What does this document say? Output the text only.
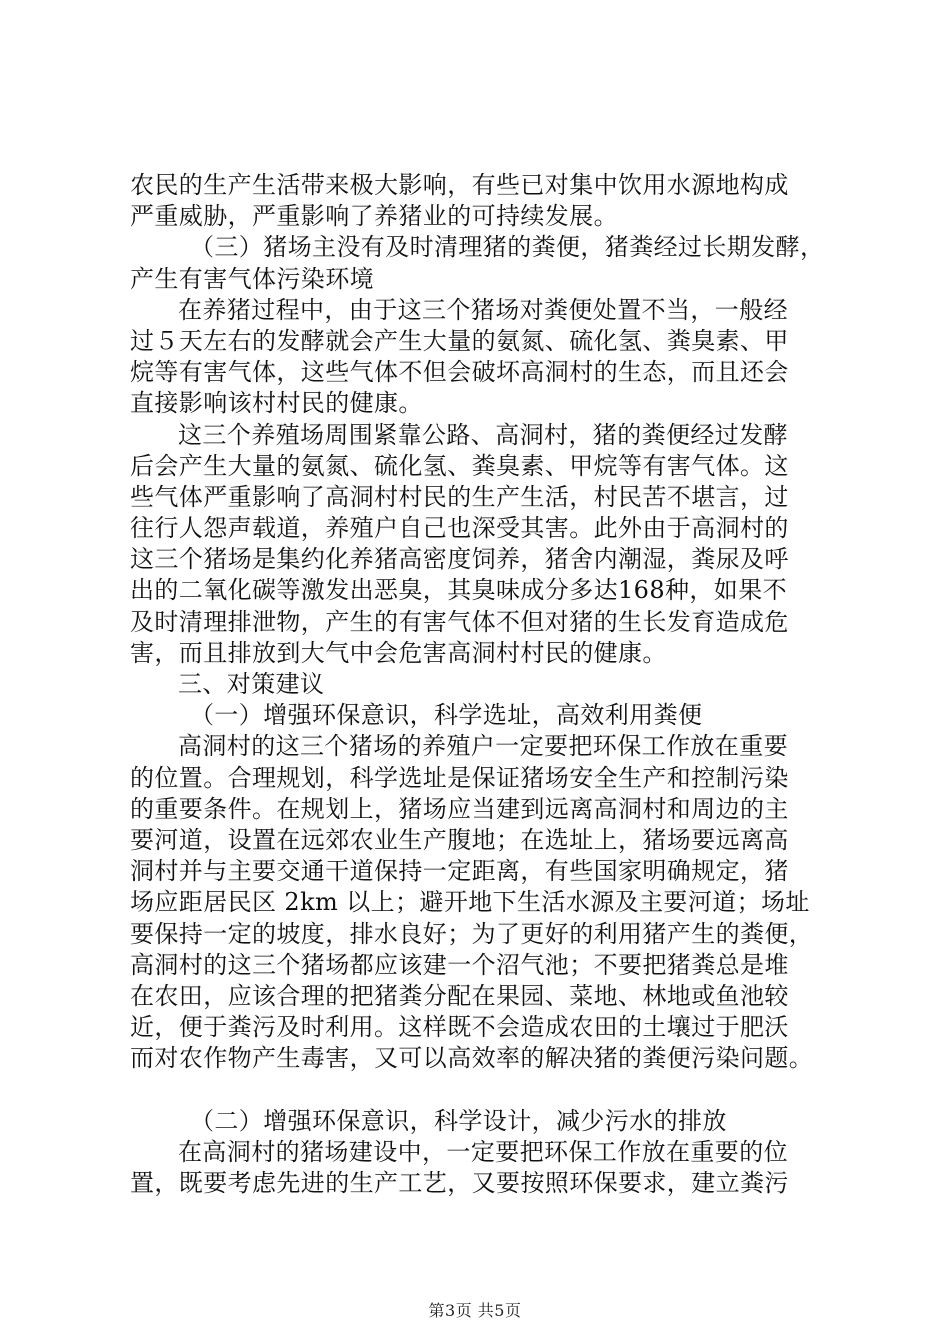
农民的生产生活带来极大影响，有些已对集中饮用水源地构成
严重威胁，严重影响了养猪业的可持续发展。
（三）猪场主没有及时清理猪的粪便，猪粪经过长期发酵，
产生有害气体污染环境
在养猪过程中，由于这三个猪场对粪便处置不当，一般经
过５天左右的发酵就会产生大量的氨氮、硫化氢、粪臭素、甲
烷等有害气体，这些气体不但会破坏高洞村的生态，而且还会
直接影响该村村民的健康。
这三个养殖场周围紧靠公路、高洞村，猪的粪便经过发酵
后会产生大量的氨氮、硫化氢、粪臭素、甲烷等有害气体。这
些气体严重影响了高洞村村民的生产生活，村民苦不堪言，过
往行人怨声载道，养殖户自己也深受其害。此外由于高洞村的
这三个猪场是集约化养猪高密度饲养，猪舍内潮湿，粪尿及呼
出的二氧化碳等激发出恶臭，其臭味成分多达168种，如果不
及时清理排泄物，产生的有害气体不但对猪的生长发育造成危
害，而且排放到大气中会危害高洞村村民的健康。
三、对策建议
（一）增强环保意识，科学选址，高效利用粪便
高洞村的这三个猪场的养殖户一定要把环保工作放在重要
的位置。合理规划，科学选址是保证猪场安全生产和控制污染
的重要条件。在规划上，猪场应当建到远离高洞村和周边的主
要河道，设置在远郊农业生产腹地；在选址上，猪场要远离高
洞村并与主要交通干道保持一定距离，有些国家明确规定，猪
场应距居民区 2km 以上；避开地下生活水源及主要河道；场址
要保持一定的坡度，排水良好；为了更好的利用猪产生的粪便，
高洞村的这三个猪场都应该建一个沼气池；不要把猪粪总是堆
在农田，应该合理的把猪粪分配在果园、菜地、林地或鱼池较
近，便于粪污及时利用。这样既不会造成农田的土壤过于肥沃
而对农作物产生毒害，又可以高效率的解决猪的粪便污染问题。
（二）增强环保意识，科学设计，减少污水的排放
在高洞村的猪场建设中，一定要把环保工作放在重要的位
置，既要考虑先进的生产工艺，又要按照环保要求，建立粪污
第3页 共5页
